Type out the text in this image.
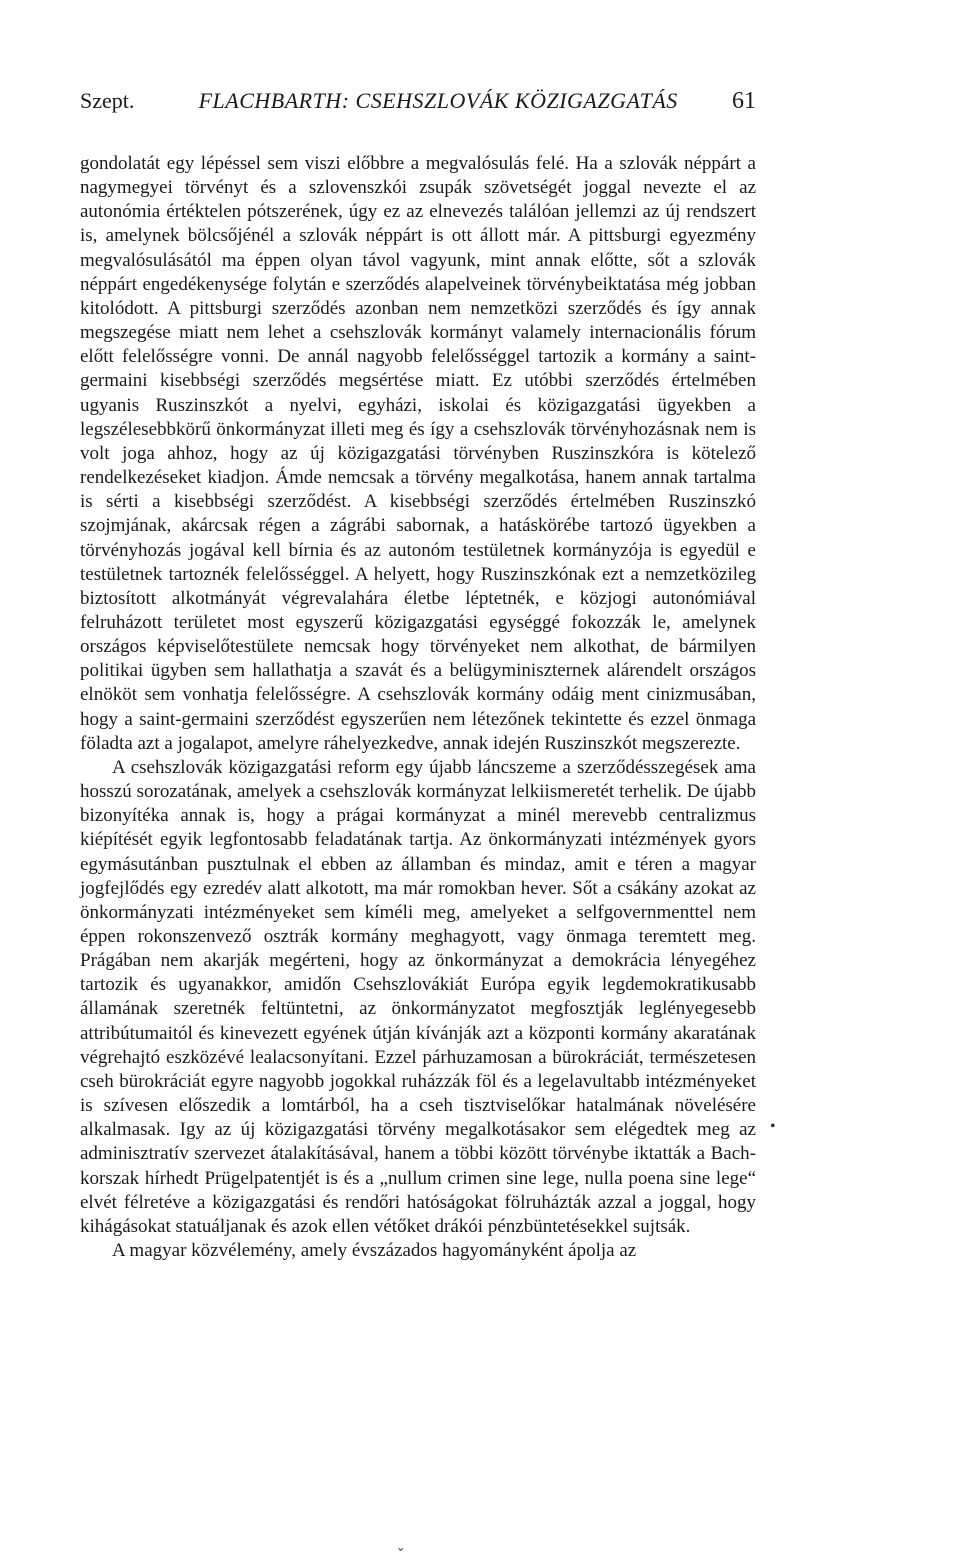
Szept.	FLACHBARTH: CSEHSZLOVÁK KÖZIGAZGATÁS	61

gondolatát egy lépéssel sem viszi előbbre a megvalósulás felé. Ha a szlovák néppárt a nagymegyei törvényt és a szlovenszkói zsupák szövetségét joggal nevezte el az autonómia értéktelen pótszerének, úgy ez az elnevezés találóan jellemzi az új rendszert is, amelynek bölcsőjénél a szlovák néppárt is ott állott már. A pittsburgi egyezmény megvalósulásától ma éppen olyan távol vagyunk, mint annak előtte, sőt a szlovák néppárt engedékenysége folytán e szerződés alapelveinek törvénybeiktatása még jobban kitolódott. A pittsburgi szerződés azonban nem nemzetközi szerződés és így annak megszegése miatt nem lehet a csehszlovák kormányt valamely internacionális fórum előtt felelősségre vonni. De annál nagyobb felelősséggel tartozik a kormány a saint-germaini kisebbségi szerződés megsértése miatt. Ez utóbbi szerződés értelmében ugyanis Ruszinszkót a nyelvi, egyházi, iskolai és közigazgatási ügyekben a legszélesebbkörű önkormányzat illeti meg és így a csehszlovák törvényhozásnak nem is volt joga ahhoz, hogy az új közigazgatási törvényben Ruszinszkóra is kötelező rendelkezéseket kiadjon. Ámde nemcsak a törvény megalkotása, hanem annak tartalma is sérti a kisebbségi szerződést. A kisebbségi szerződés értelmében Ruszinszkó szojmjának, akárcsak régen a zágrábi sabornak, a hatáskörébe tartozó ügyekben a törvényhozás jogával kell bírnia és az autonóm testületnek kormányzója is egyedül e testületnek tartoznék felelősséggel. A helyett, hogy Ruszinszkónak ezt a nemzetközileg biztosított alkotmányát végrevalahára életbe léptetnék, e közjogi autonómiával felruházott területet most egyszerű közigazgatási egységgé fokozzák le, amelynek országos képviselőtestülete nemcsak hogy törvényeket nem alkothat, de bármilyen politikai ügyben sem hallathatja a szavát és a belügyminiszternek alárendelt országos elnököt sem vonhatja felelősségre. A csehszlovák kormány odáig ment cinizmusában, hogy a saint-germaini szerződést egyszerűen nem létezőnek tekintette és ezzel önmaga föladta azt a jogalapot, amelyre ráhelyezkedve, annak idején Ruszinszkót megszerezte.

A csehszlovák közigazgatási reform egy újabb láncszeme a szerződésszegések ama hosszú sorozatának, amelyek a csehszlovák kormányzat lelkiismeretét terhelik. De újabb bizonyítéka annak is, hogy a prágai kormányzat a minél merevebb centralizmus kiépítését egyik legfontosabb feladatának tartja. Az önkormányzati intézmények gyors egymásutánban pusztulnak el ebben az államban és mindaz, amit e téren a magyar jogfejlődés egy ezredév alatt alkotott, ma már romokban hever. Sőt a csákány azokat az önkormányzati intézményeket sem kíméli meg, amelyeket a selfgovernmenttel nem éppen rokonszenvező osztrák kormány meghagyott, vagy önmaga teremtett meg. Prágában nem akarják megérteni, hogy az önkormányzat a demokrácia lényegéhez tartozik és ugyanakkor, amidőn Csehszlovákiát Európa egyik legdemokratikusabb államának szeretnék feltüntetni, az önkormányzatot megfosztják leglényegesebb attribútumaitól és kinevezett egyének útján kívánják azt a központi kormány akaratának végrehajtó eszközévé lealacsonyítani. Ezzel párhuzamosan a bürokráciát, természetesen cseh bürokráciát egyre nagyobb jogokkal ruházzák föl és a legelavultabb intézményeket is szívesen előszedik a lomtárból, ha a cseh tisztviselőkar hatalmának növelésére alkalmasak. Igy az új közigazgatási törvény megalkotásakor sem elégedtek meg az adminisztratív szervezet átalakításával, hanem a többi között törvénybe iktatták a Bach-korszak hírhedt Prügelpatentjét is és a „nullum crimen sine lege, nulla poena sine lege“ elvét félretéve a közigazgatási és rendőri hatóságokat fölruházták azzal a joggal, hogy kihágásokat statuáljanak és azok ellen vétőket drákói pénzbüntetésekkel sujtsák.

A magyar közvélemény, amely évszázados hagyományként ápolja az

•
ˇ
